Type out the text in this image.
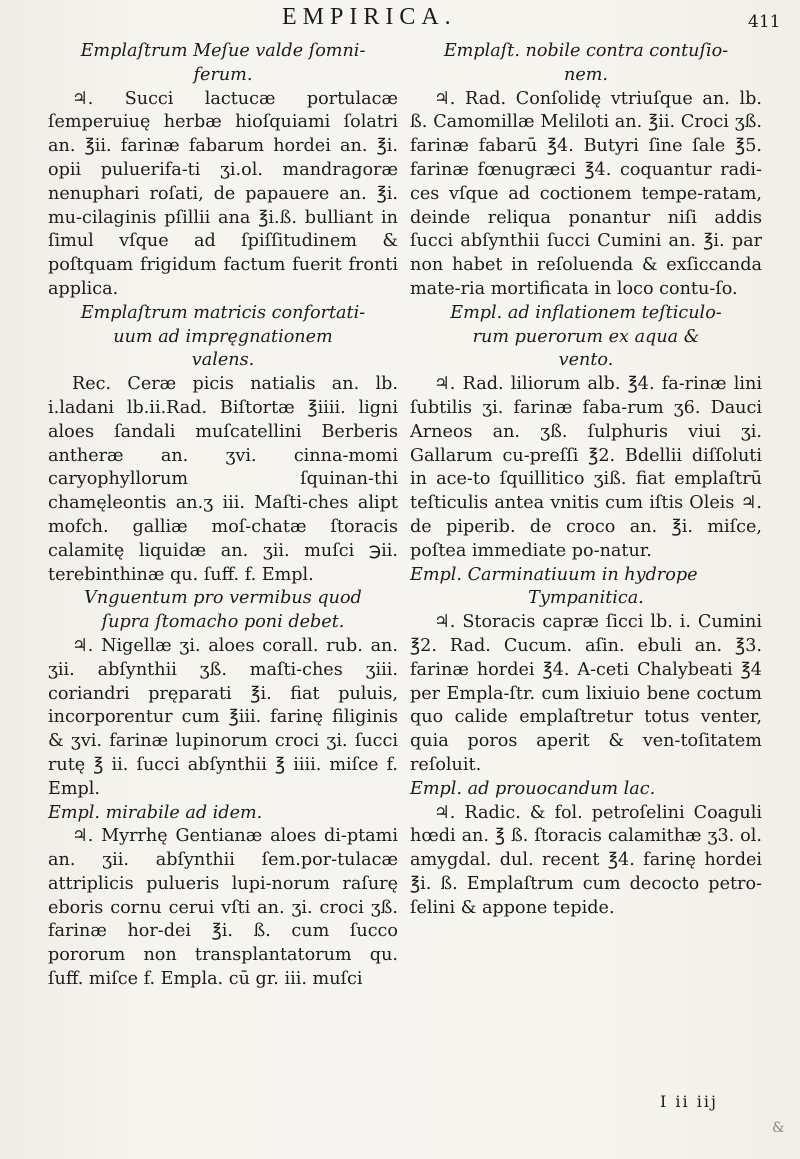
EMPIRICA.	411

Emplaſtrum Meſue valde ſomni-

ferum.

♃. Succi lactucæ portulacæ ſemperuiuę herbæ hioſquiami ſolatri an. ℥ii. farinæ fabarum hordei an. ℥i. opii puluerifa-ti ʒi.ol. mandragoræ nenuphari roſati, de papauere an. ℥i. mu-cilaginis pſillii ana ℥i.ß. bulliant in ſimul vſque ad ſpiſſitudinem & poſtquam frigidum factum fuerit fronti applica.

Emplaſtrum matricis confortati-

uum ad impręgnationem

valens.

Rec. Ceræ picis natialis an. lb. i.ladani lb.ii.Rad. Biſtortæ ℥iiii. ligni aloes ſandali muſcatellini Berberis antheræ an. ʒvi. cinna-momi caryophyllorum ſquinan-thi chamęleontis an.ʒ iii. Maſti-ches alipt mofch. galliæ moſ-chatæ ſtoracis calamitę liquidæ an. ʒii. muſci ℈ii. terebinthinæ qu. ſuff. f. Empl.

Vnguentum pro vermibus quod

ſupra ſtomacho poni debet.

♃. Nigellæ ʒi. aloes corall. rub. an. ʒii. abſynthii ʒß. maſti-ches ʒiii. coriandri pręparati ℥i. fiat puluis, incorporentur cum ℥iii. farinę filiginis & ʒvi. farinæ lupinorum croci ʒi. ſucci rutę ℥ ii. ſucci abſynthii ℥ iiii. miſce f. Empl.

Empl. mirabile ad idem.

♃. Myrrhę Gentianæ aloes di-ptami an. ʒii. abſynthii ſem.por-tulacæ attriplicis pulueris lupi-norum raſurę eboris cornu cerui vſti an. ʒi. croci ʒß. farinæ hor-dei ℥i. ß. cum ſucco pororum non transplantatorum qu. ſuff. miſce f. Empla. cū gr. iii. muſci

Emplaſt. nobile contra contuſio-

nem.

♃. Rad. Conſolidę vtriuſque an. lb. ß. Camomillæ Meliloti an. ℥ii. Croci ʒß. farinæ fabarū ℥4. Butyri ſine ſale ℥5. farinæ fœnugræci ℥4. coquantur radi-ces vſque ad coctionem tempe-ratam, deinde reliqua ponantur niſi addis ſucci abſynthii ſucci Cumini an. ℥i. par non habet in reſoluenda & exſiccanda mate-ria mortificata in loco contu-ſo.

Empl. ad inflationem teſticulo-

rum puerorum ex aqua &

vento.

♃. Rad. liliorum alb. ℥4. fa-rinæ lini ſubtilis ʒi. farinæ faba-rum ʒ6. Dauci Arneos an. ʒß. ſulphuris viui ʒi. Gallarum cu-preſſi ℥2. Bdellii diſſoluti in ace-to ſquillitico ʒiß. fiat emplaſtrū teſticulis antea vnitis cum iſtis Oleis ♃. de piperib. de croco an. ℥i. miſce, poſtea immediate po-natur.

Empl. Carminatiuum in hydrope

Tympanitica.

♃. Storacis capræ ſicci lb. i. Cumini ℥2. Rad. Cucum. aſin. ebuli an. ℥3. farinæ hordei ℥4. A-ceti Chalybeati ℥4 per Empla-ſtr. cum lixiuio bene coctum quo calide emplaſtretur totus venter, quia poros aperit & ven-toſitatem reſoluit.

Empl. ad prouocandum lac.

♃. Radic. & fol. petroſelini Coaguli hœdi an. ℥ ß. ſtoracis calamithæ ʒ3. ol. amygdal. dul. recent ℥4. farinę hordei ℥i. ß. Emplaſtrum cum decocto petro-ſelini & appone tepide.

I ii iij
&
